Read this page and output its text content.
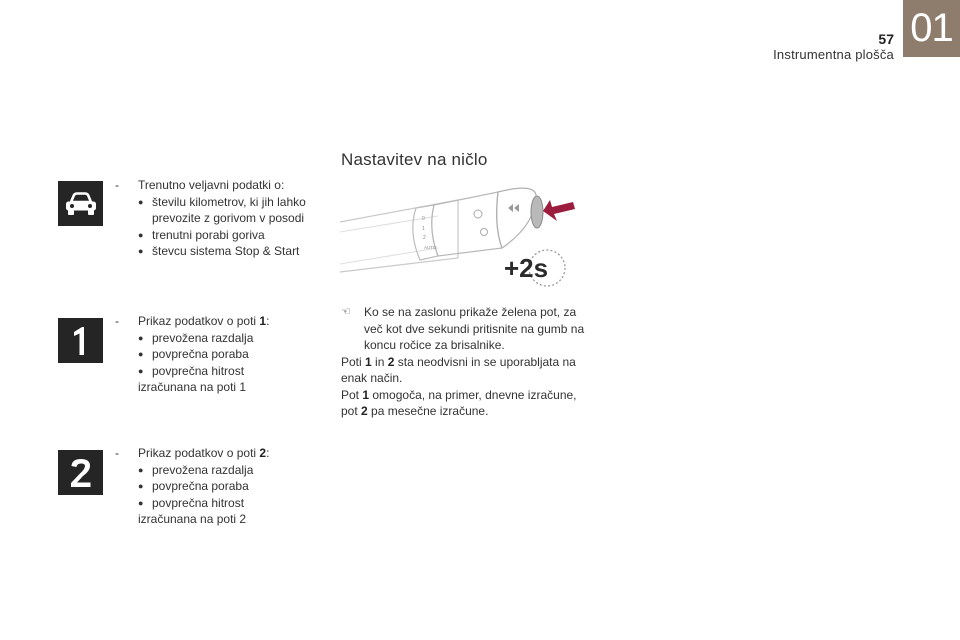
01
57
Instrumentna plošča
-	Trenutno veljavni podatki o:
● številu kilometrov, ki jih lahko
prevozite z gorivom v posodi
● trenutni porabi goriva
● števcu sistema Stop & Start
-	Prikaz podatkov o poti 1:
● prevožena razdalja
● povprečna poraba
● povprečna hitrost
izračunana na poti 1
-	Prikaz podatkov o poti 2:
● prevožena razdalja
● povprečna poraba
● povprečna hitrost
izračunana na poti 2
Nastavitev na ničlo
0
1
2
AUTO
+2s
☜	Ko se na zaslonu prikaže želena pot, za
več kot dve sekundi pritisnite na gumb na
koncu ročice za brisalnike.
Poti 1 in 2 sta neodvisni in se uporabljata na
enak način.
Pot 1 omogoča, na primer, dnevne izračune,
pot 2 pa mesečne izračune.
